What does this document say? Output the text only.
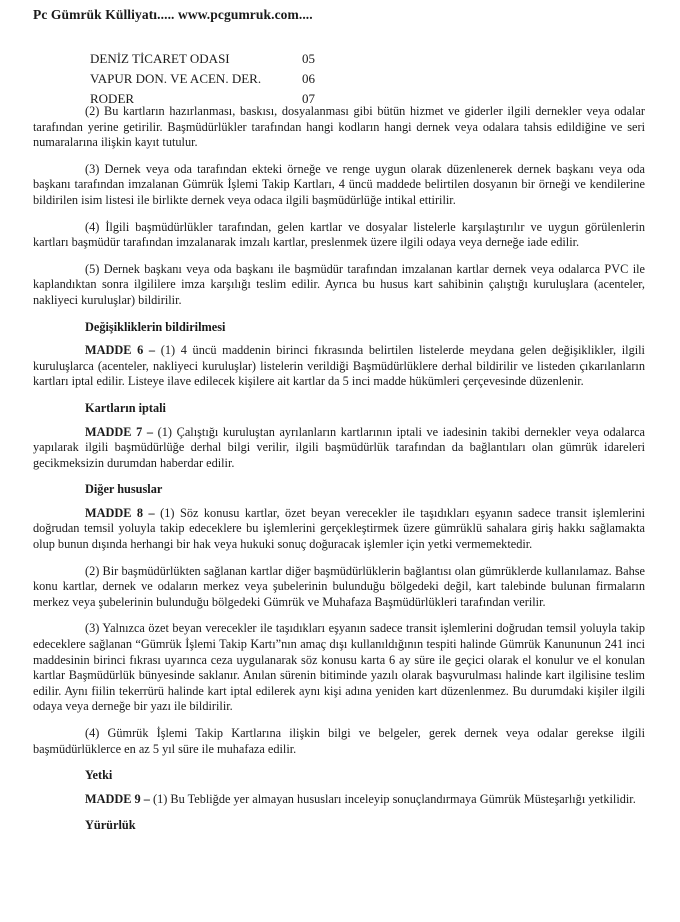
Pc Gümrük Külliyatı..... www.pcgumruk.com....
DENİZ TİCARET ODASI	05
VAPUR DON. VE ACEN. DER.	06
RODER	07

(2) Bu kartların hazırlanması, baskısı, dosyalanması gibi bütün hizmet ve giderler ilgili dernekler veya odalar tarafından yerine getirilir. Başmüdürlükler tarafından hangi kodların hangi dernek veya odalara tahsis edildiğine ve seri numaralarına ilişkin kayıt tutulur.

(3) Dernek veya oda tarafından ekteki örneğe ve renge uygun olarak düzenlenerek dernek başkanı veya oda başkanı tarafından imzalanan Gümrük İşlemi Takip Kartları, 4 üncü maddede belirtilen dosyanın bir örneği ve kendilerine bildirilen isim listesi ile birlikte dernek veya odaca ilgili başmüdürlüğe intikal ettirilir.

(4) İlgili başmüdürlükler tarafından, gelen kartlar ve dosyalar listelerle karşılaştırılır ve uygun görülenlerin kartları başmüdür tarafından imzalanarak imzalı kartlar, preslenmek üzere ilgili odaya veya derneğe iade edilir.

(5) Dernek başkanı veya oda başkanı ile başmüdür tarafından imzalanan kartlar dernek veya odalarca PVC ile kaplandıktan sonra ilgililere imza karşılığı teslim edilir. Ayrıca bu husus kart sahibinin çalıştığı kuruluşlara (acenteler, nakliyeci kuruluşlar) bildirilir.

Değişikliklerin bildirilmesi

MADDE 6 – (1) 4 üncü maddenin birinci fıkrasında belirtilen listelerde meydana gelen değişiklikler, ilgili kuruluşlarca (acenteler, nakliyeci kuruluşlar) listelerin verildiği Başmüdürlüklere derhal bildirilir ve listeden çıkarılanların kartları iptal edilir. Listeye ilave edilecek kişilere ait kartlar da 5 inci madde hükümleri çerçevesinde düzenlenir.

Kartların iptali

MADDE 7 – (1) Çalıştığı kuruluştan ayrılanların kartlarının iptali ve iadesinin takibi dernekler veya odalarca yapılarak ilgili başmüdürlüğe derhal bilgi verilir, ilgili başmüdürlük tarafından da bağlantıları olan gümrük idareleri gecikmeksizin durumdan haberdar edilir.

Diğer hususlar

MADDE 8 – (1) Söz konusu kartlar, özet beyan verecekler ile taşıdıkları eşyanın sadece transit işlemlerini doğrudan temsil yoluyla takip edeceklere bu işlemlerini gerçekleştirmek üzere gümrüklü sahalara giriş hakkı sağlamakta olup bunun dışında herhangi bir hak veya hukuki sonuç doğuracak işlemler için yetki vermemektedir.

(2) Bir başmüdürlükten sağlanan kartlar diğer başmüdürlüklerin bağlantısı olan gümrüklerde kullanılamaz. Bahse konu kartlar, dernek ve odaların merkez veya şubelerinin bulunduğu bölgedeki değil, kart talebinde bulunan firmaların merkez veya şubelerinin bulunduğu bölgedeki Gümrük ve Muhafaza Başmüdürlükleri tarafından verilir.

(3) Yalnızca özet beyan verecekler ile taşıdıkları eşyanın sadece transit işlemlerini doğrudan temsil yoluyla takip edeceklere sağlanan “Gümrük İşlemi Takip Kartı”nın amaç dışı kullanıldığının tespiti halinde Gümrük Kanununun 241 inci maddesinin birinci fıkrası uyarınca ceza uygulanarak söz konusu karta 6 ay süre ile geçici olarak el konulur ve el konulan kartlar Başmüdürlük bünyesinde saklanır. Anılan sürenin bitiminde yazılı olarak başvurulması halinde kart ilgilisine teslim edilir. Aynı fiilin tekerrürü halinde kart iptal edilerek aynı kişi adına yeniden kart düzenlenmez. Bu durumdaki kişiler ilgili odaya veya derneğe bir yazı ile bildirilir.

(4) Gümrük İşlemi Takip Kartlarına ilişkin bilgi ve belgeler, gerek dernek veya odalar gerekse ilgili başmüdürlüklerce en az 5 yıl süre ile muhafaza edilir.

Yetki

MADDE 9 – (1) Bu Tebliğde yer almayan hususları inceleyip sonuçlandırmaya Gümrük Müsteşarlığı yetkilidir.

Yürürlük
